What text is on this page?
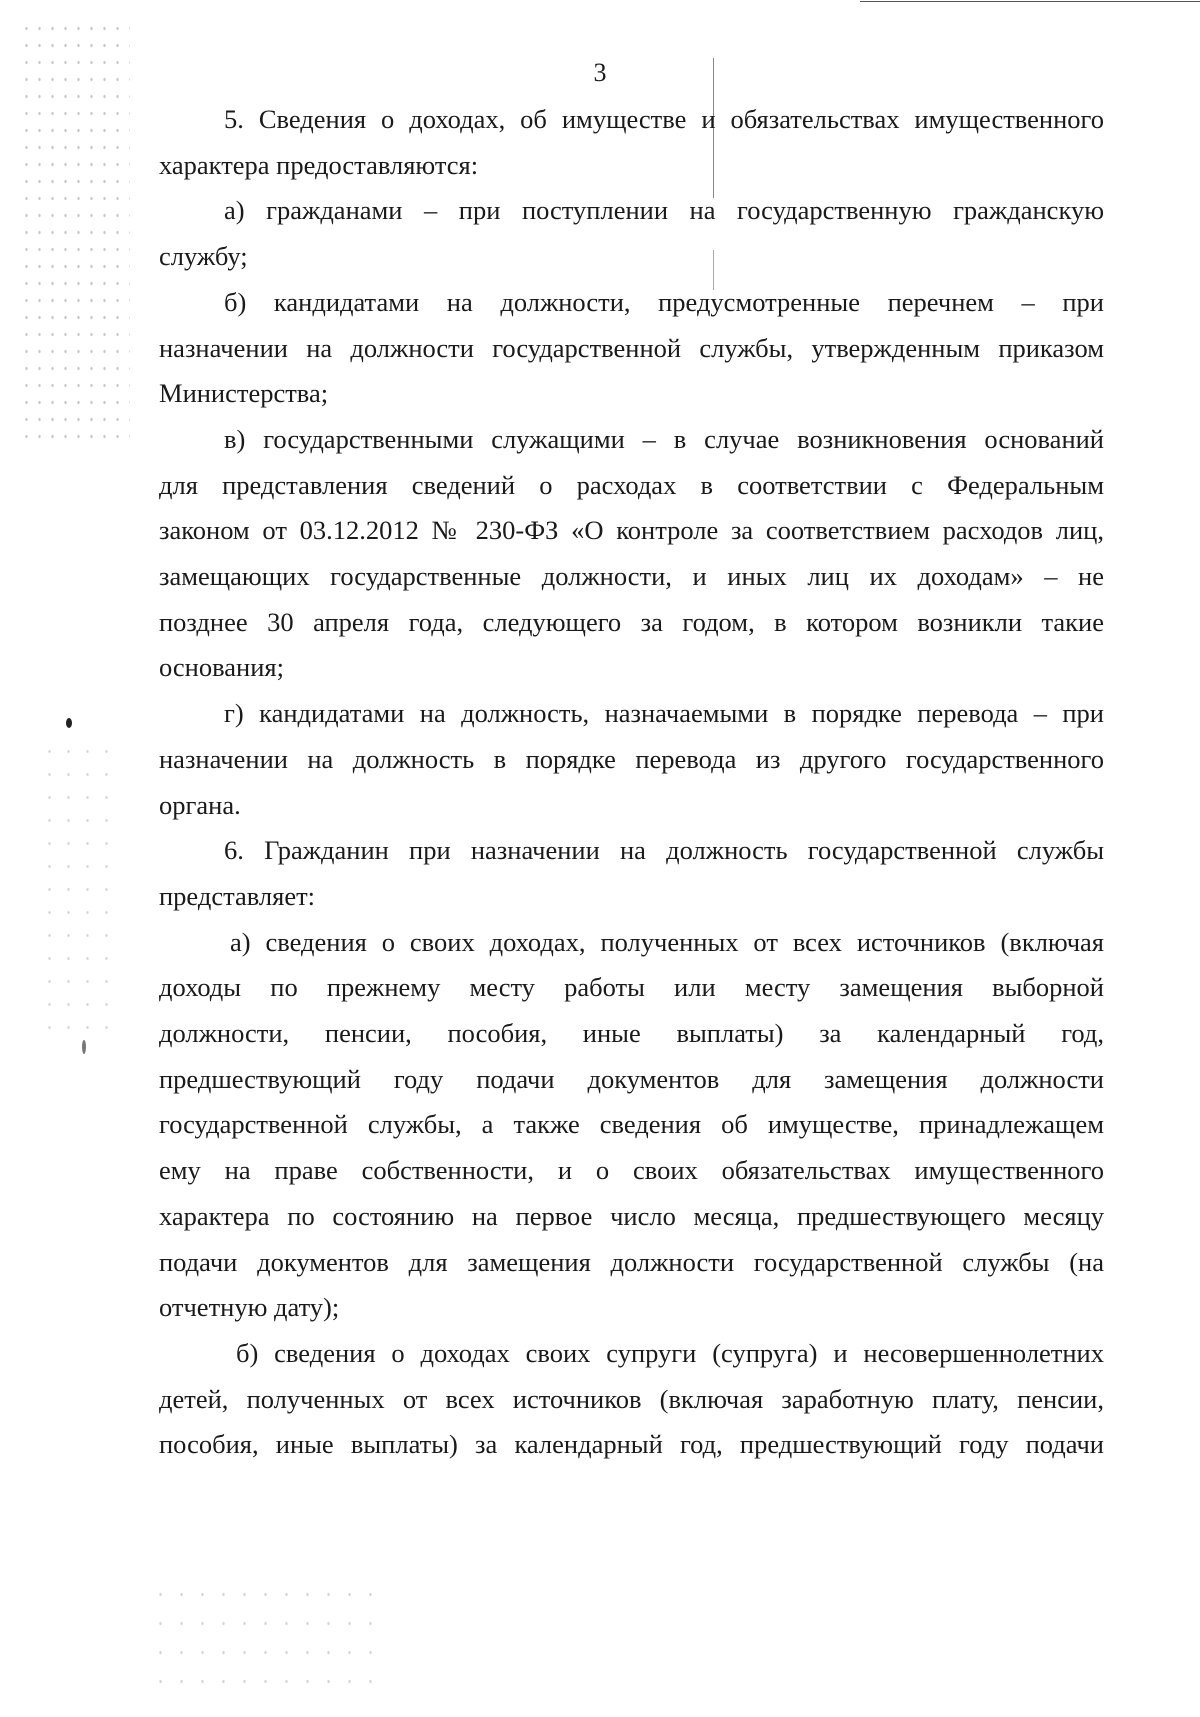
3
5. Сведения о доходах, об имуществе и обязательствах имущественного
характера предоставляются:
а) гражданами – при поступлении на государственную гражданскую
службу;
б) кандидатами на должности, предусмотренные перечнем – при
назначении на должности государственной службы, утвержденным приказом
Министерства;
в) государственными служащими – в случае возникновения оснований
для представления сведений о расходах в соответствии с Федеральным
законом от 03.12.2012 № 230-ФЗ «О контроле за соответствием расходов лиц,
замещающих государственные должности, и иных лиц их доходам» – не
позднее 30 апреля года, следующего за годом, в котором возникли такие
основания;
г) кандидатами на должность, назначаемыми в порядке перевода – при
назначении на должность в порядке перевода из другого государственного
органа.
6. Гражданин при назначении на должность государственной службы
представляет:
а) сведения о своих доходах, полученных от всех источников (включая
доходы по прежнему месту работы или месту замещения выборной
должности, пенсии, пособия, иные выплаты) за календарный год,
предшествующий году подачи документов для замещения должности
государственной службы, а также сведения об имуществе, принадлежащем
ему на праве собственности, и о своих обязательствах имущественного
характера по состоянию на первое число месяца, предшествующего месяцу
подачи документов для замещения должности государственной службы (на
отчетную дату);
б) сведения о доходах своих супруги (супруга) и несовершеннолетних
детей, полученных от всех источников (включая заработную плату, пенсии,
пособия, иные выплаты) за календарный год, предшествующий году подачи
